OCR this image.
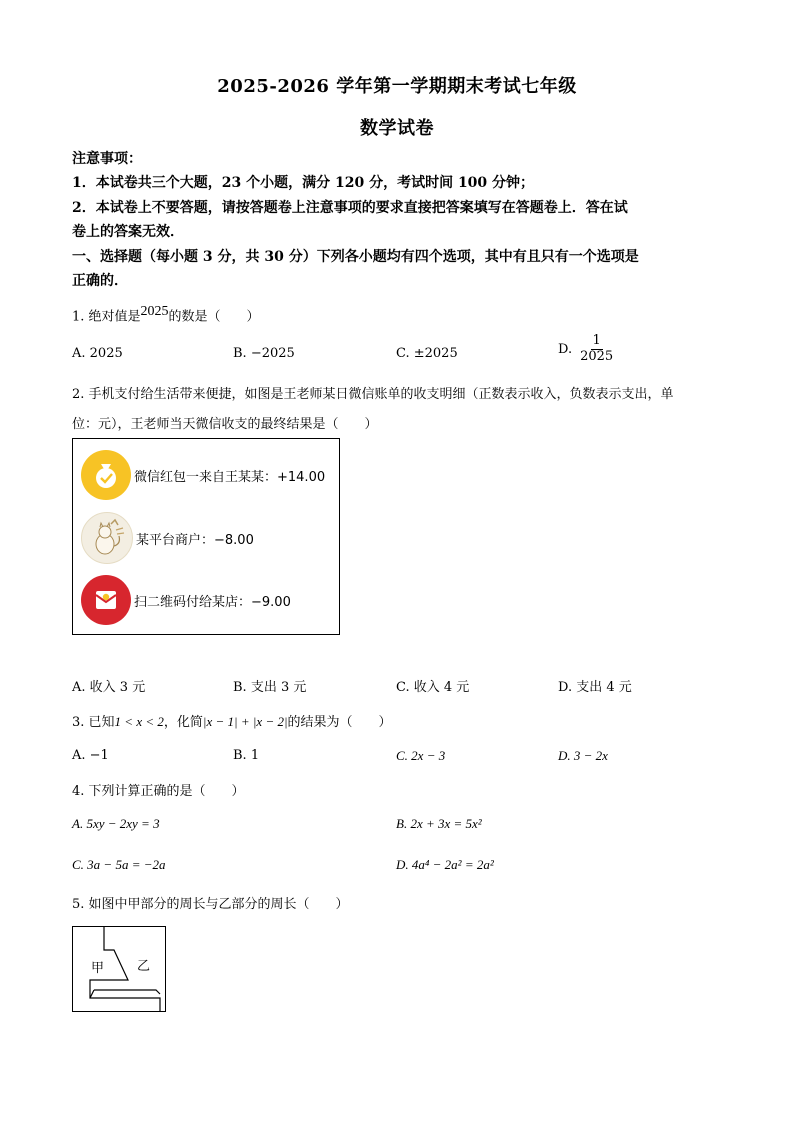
2025-2026 学年第一学期期末考试七年级
数学试卷
注意事项：
1．本试卷共三个大题，23 个小题，满分 120 分，考试时间 100 分钟；
2．本试卷上不要答题，请按答题卷上注意事项的要求直接把答案填写在答题卷上．答在试
卷上的答案无效．
一、选择题（每小题 3 分，共 30 分）下列各小题均有四个选项，其中有且只有一个选项是
正确的．
1. 绝对值是$^{2025}$的数是（　　）
A. 2025	B. −2025	C. ±2025	D. $\frac{1}{2025}$
2. 手机支付给生活带来便捷，如图是王老师某日微信账单的收支明细（正数表示收入，负数表示支出，单
位：元），王老师当天微信收支的最终结果是（　　）
微信红包一来自王某某：+14.00
某平台商户：−8.00
扫二维码付给某店：−9.00
A. 收入 3 元	B. 支出 3 元	C. 收入 4 元	D. 支出 4 元
3. 已知1 < x < 2，化简|x − 1| + |x − 2|的结果为（　　）
A. −1	B. 1	C. 2x − 3	D. 3 − 2x
4. 下列计算正确的是（　　）
A. 5xy − 2xy = 3	B. 2x + 3x = 5x²
C. 3a − 5a = −2a	D. 4a⁴ − 2a² = 2a²
5. 如图中甲部分的周长与乙部分的周长（　　）
甲	乙
